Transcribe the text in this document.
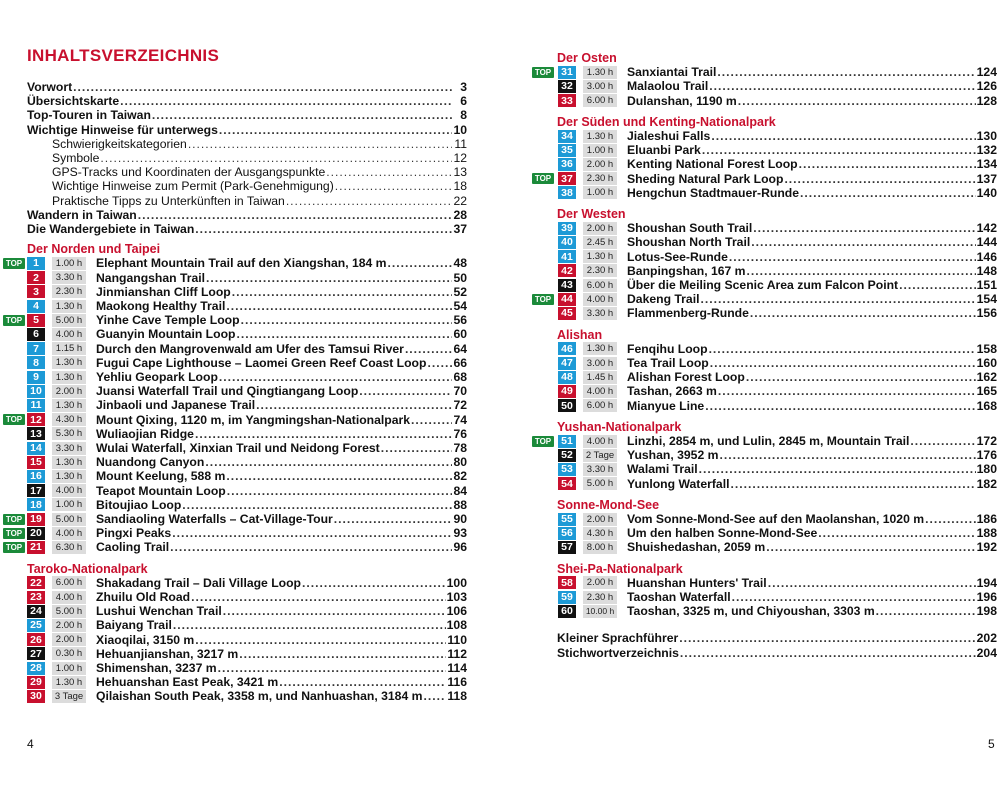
INHALTSVERZEICHNIS
Vorwort . . .	3
Übersichtskarte . . .	6
Top-Touren in Taiwan . . .	8
Wichtige Hinweise für unterwegs . . .	10
Schwierigkeitskategorien . . .	11
Symbole . . .	12
GPS-Tracks und Koordinaten der Ausgangspunkte . . .	13
Wichtige Hinweise zum Permit (Park-Genehmigung) . . .	18
Praktische Tipps zu Unterkünften in Taiwan . . .	22
Wandern in Taiwan . . .	28
Die Wandergebiete in Taiwan . . .	37
Der Norden und Taipei
TOP	1	1.00 h	Elephant Mountain Trail auf den Xiangshan, 184 m . . .	48
2	3.30 h	Nangangshan Trail . . .	50
3	2.30 h	Jinmianshan Cliff Loop . . .	52
4	1.30 h	Maokong Healthy Trail . . .	54
TOP	5	5.00 h	Yinhe Cave Temple Loop . . .	56
6	4.00 h	Guanyin Mountain Loop . . .	60
7	1.15 h	Durch den Mangrovenwald am Ufer des Tamsui River . . .	64
8	1.30 h	Fugui Cape Lighthouse – Laomei Green Reef Coast Loop . . . 66
9	1.30 h	Yehliu Geopark Loop . . .	68
10	2.00 h	Juansi Waterfall Trail und Qingtiangang Loop . . .	70
11	1.30 h	Jinbaoli und Japanese Trail . . .	72
TOP 12	4.30 h	Mount Qixing, 1120 m, im Yangmingshan-Nationalpark . . .	74
13	5.30 h	Wuliaojian Ridge . . .	76
14	3.30 h	Wulai Waterfall, Xinxian Trail und Neidong Forest . . .	78
15	1.30 h	Nuandong Canyon . . .	80
16	1.30 h	Mount Keelung, 588 m . . .	82
17	4.00 h	Teapot Mountain Loop . . .	84
18	1.00 h	Bitoujiao Loop . . .	88
TOP 19	5.00 h	Sandiaoling Waterfalls – Cat-Village-Tour . . .	90
TOP 20	4.00 h	Pingxi Peaks . . .	93
TOP 21	6.30 h	Caoling Trail . . .	96
Taroko-Nationalpark
22	6.00 h	Shakadang Trail – Dali Village Loop . . .	100
23	4.00 h	Zhuilu Old Road . . .	103
24	5.00 h	Lushui Wenchan Trail . . .	106
25	2.00 h	Baiyang Trail . . .	108
26	2.00 h	Xiaoqilai, 3150 m . . .	110
27	0.30 h	Hehuanjianshan, 3217 m . . .	112
28	1.00 h	Shimenshan, 3237 m . . .	114
29	1.30 h	Hehuanshan East Peak, 3421 m . . .	116
30	3 Tage Qilaishan South Peak, 3358 m, und Nanhuashan, 3184 m . . . 118
4
Der Osten
TOP 31	1.30 h	Sanxiantai Trail . . .	124
32	3.00 h	Malaolou Trail . . .	126
33	6.00 h	Dulanshan, 1190 m . . .	128
Der Süden und Kenting-Nationalpark
34	1.30 h	Jialeshui Falls . . .	130
35	1.00 h	Eluanbi Park . . .	132
36	2.00 h	Kenting National Forest Loop . . .	134
TOP 37	2.30 h	Sheding Natural Park Loop . . .	137
38	1.00 h	Hengchun Stadtmauer-Runde . . .	140
Der Westen
39	2.00 h	Shoushan South Trail . . .	142
40	2.45 h	Shoushan North Trail . . .	144
41	1.30 h	Lotus-See-Runde . . .	146
42	2.30 h	Banpingshan, 167 m . . .	148
43	6.00 h	Über die Meiling Scenic Area zum Falcon Point . . .	151
TOP 44	4.00 h	Dakeng Trail . . .	154
45	3.30 h	Flammenberg-Runde . . .	156
Alishan
46	1.30 h	Fenqihu Loop . . .	158
47	3.00 h	Tea Trail Loop . . .	160
48	1.45 h	Alishan Forest Loop . . .	162
49	4.00 h	Tashan, 2663 m . . .	165
50	6.00 h	Mianyue Line . . .	168
Yushan-Nationalpark
TOP 51	4.00 h	Linzhi, 2854 m, und Lulin, 2845 m, Mountain Trail . . .	172
52	2 Tage Yushan, 3952 m . . .	176
53	3.30 h	Walami Trail . . .	180
54	5.00 h	Yunlong Waterfall . . .	182
Sonne-Mond-See
55	2.00 h	Vom Sonne-Mond-See auf den Maolanshan, 1020 m . . .	186
56	4.30 h	Um den halben Sonne-Mond-See . . .	188
57	8.00 h	Shuishedashan, 2059 m . . .	192
Shei-Pa-Nationalpark
58	2.00 h	Huanshan Hunters' Trail . . .	194
59	2.30 h	Taoshan Waterfall . . .	196
60	10.00 h Taoshan, 3325 m, und Chiyoushan, 3303 m . . .	198
Kleiner Sprachführer . . .	202
Stichwortverzeichnis . . .	204
5
